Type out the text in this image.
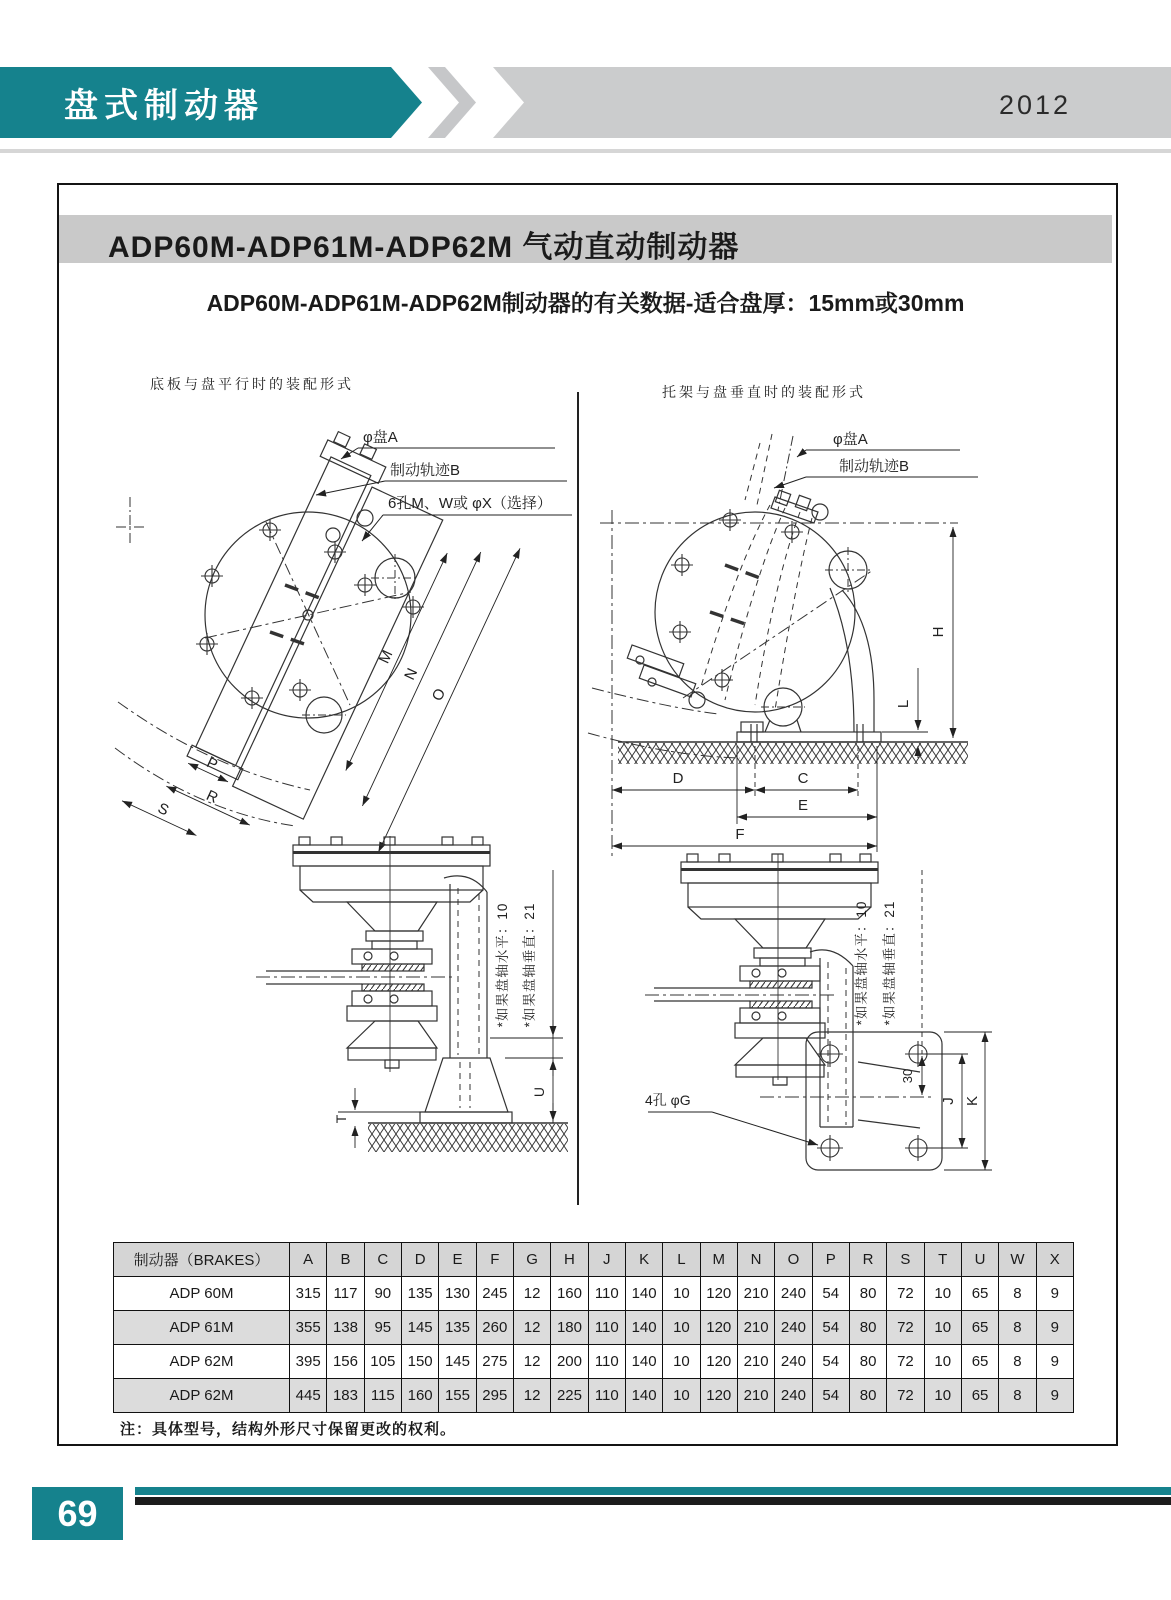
盘式制动器	2012
ADP60M-ADP61M-ADP62M 气动直动制动器
ADP60M-ADP61M-ADP62M制动器的有关数据-适合盘厚：15mm或30mm
底板与盘平行时的装配形式	托架与盘垂直时的装配形式
M
N
O
P
R
S
φ盘A
制动轨迹B
6孔M、W或 φX（选择）
H
L
D	C
E
F
φ盘A
制动轨迹B
T
U
*如果盘轴水平：10 *如果盘轴垂直：21
30
J K
4孔 φG
*如果盘轴水平：10 *如果盘轴垂直：21
制动器（BRAKES）	A	B	C	D	E	F	G	H	J	K	L	M	N	O	P	R	S	T	U	W	X
ADP 60M	315	117	90	135	130	245	12	160	110	140	10	120	210	240	54	80	72	10	65	8	9
ADP 61M	355	138	95	145	135	260	12	180	110	140	10	120	210	240	54	80	72	10	65	8	9
ADP 62M	395	156	105	150	145	275	12	200	110	140	10	120	210	240	54	80	72	10	65	8	9
ADP 62M	445	183	115	160	155	295	12	225	110	140	10	120	210	240	54	80	72	10	65	8	9
注：具体型号，结构外形尺寸保留更改的权利。
69
